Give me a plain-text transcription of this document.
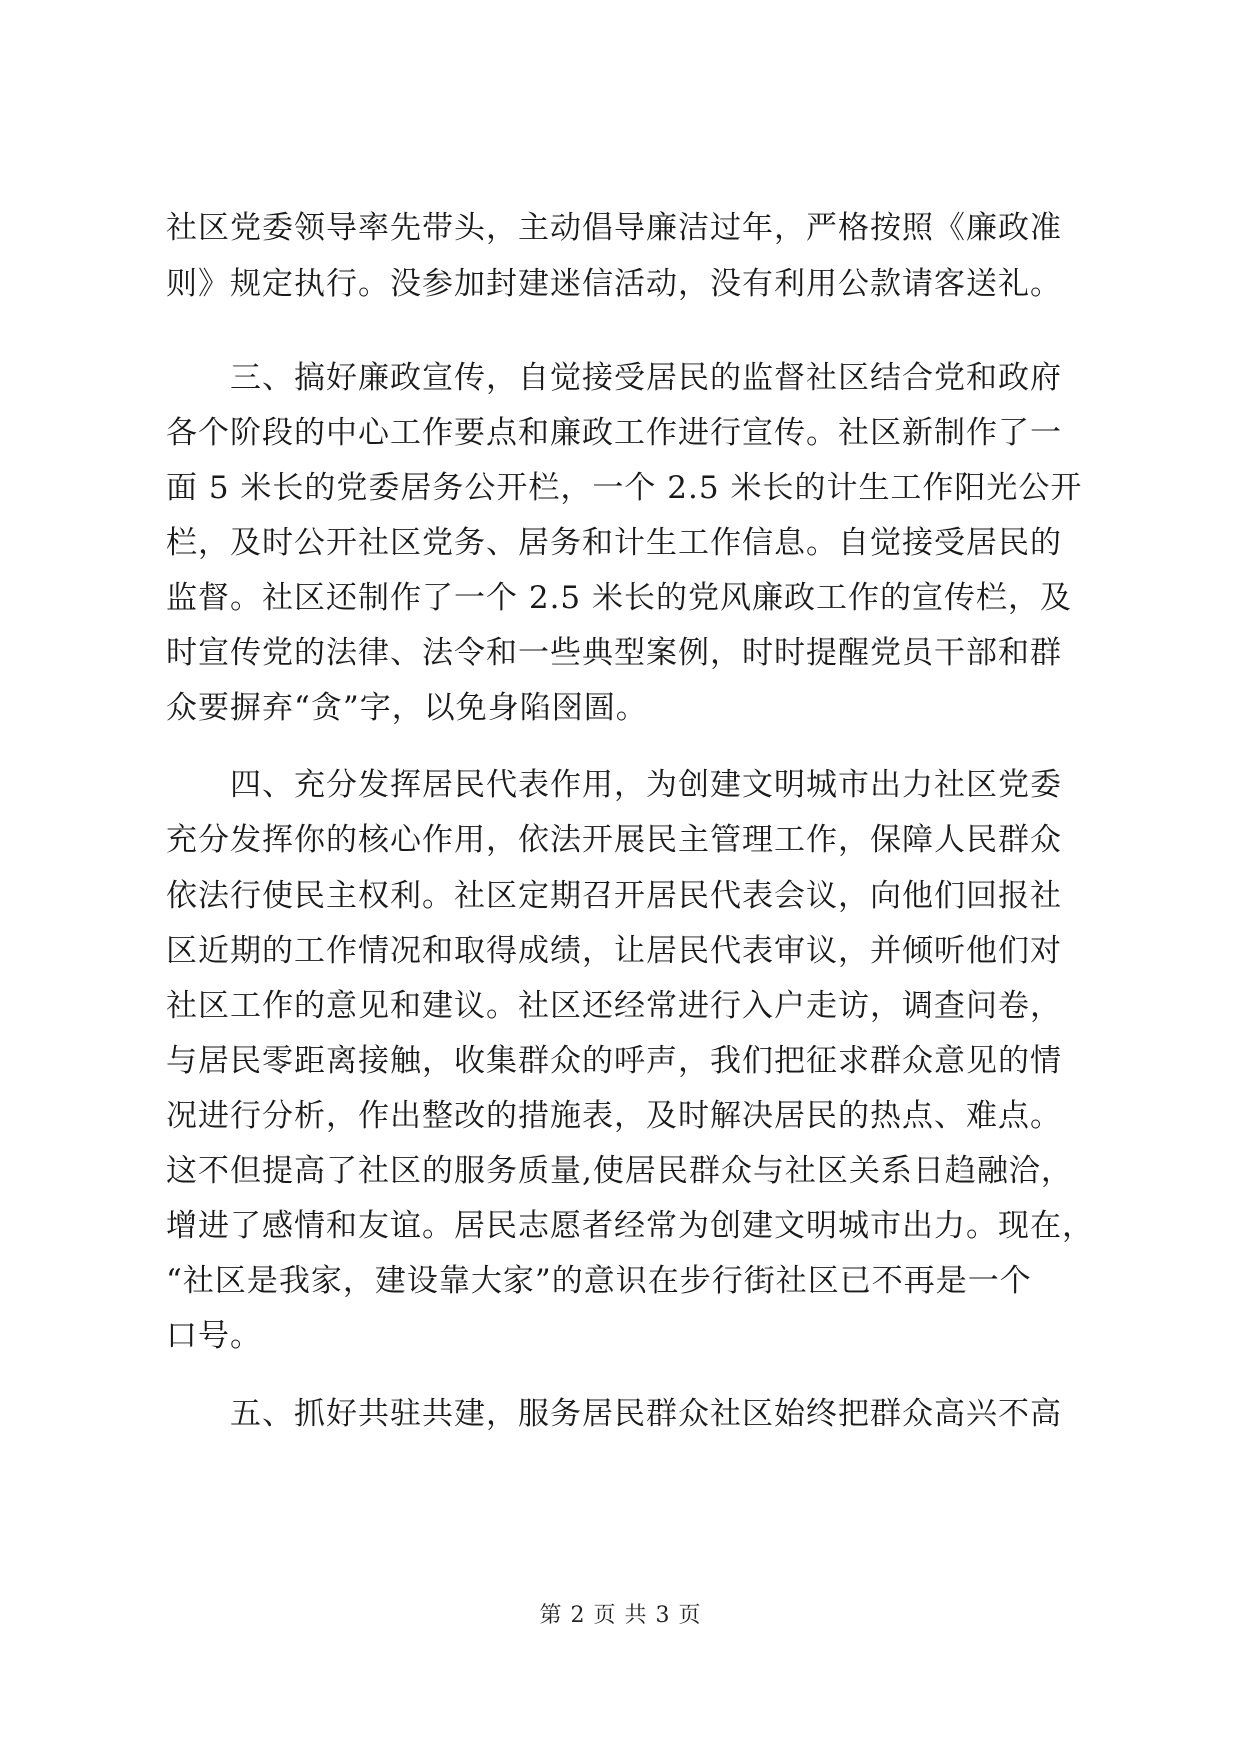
社区党委领导率先带头，主动倡导廉洁过年，严格按照《廉政准
则》规定执行。没参加封建迷信活动，没有利用公款请客送礼。
三、搞好廉政宣传，自觉接受居民的监督社区结合党和政府
各个阶段的中心工作要点和廉政工作进行宣传。社区新制作了一
面 5 米长的党委居务公开栏，一个 2.5 米长的计生工作阳光公开
栏，及时公开社区党务、居务和计生工作信息。自觉接受居民的
监督。社区还制作了一个 2.5 米长的党风廉政工作的宣传栏，及
时宣传党的法律、法令和一些典型案例，时时提醒党员干部和群
众要摒弃“贪”字，以免身陷囹圄。
四、充分发挥居民代表作用，为创建文明城市出力社区党委
充分发挥你的核心作用，依法开展民主管理工作，保障人民群众
依法行使民主权利。社区定期召开居民代表会议，向他们回报社
区近期的工作情况和取得成绩，让居民代表审议，并倾听他们对
社区工作的意见和建议。社区还经常进行入户走访，调查问卷，
与居民零距离接触，收集群众的呼声，我们把征求群众意见的情
况进行分析，作出整改的措施表，及时解决居民的热点、难点。
这不但提高了社区的服务质量,使居民群众与社区关系日趋融洽，
增进了感情和友谊。居民志愿者经常为创建文明城市出力。现在，
“社区是我家，建设靠大家”的意识在步行街社区已不再是一个
口号。
五、抓好共驻共建，服务居民群众社区始终把群众高兴不高
第 2 页 共 3 页
